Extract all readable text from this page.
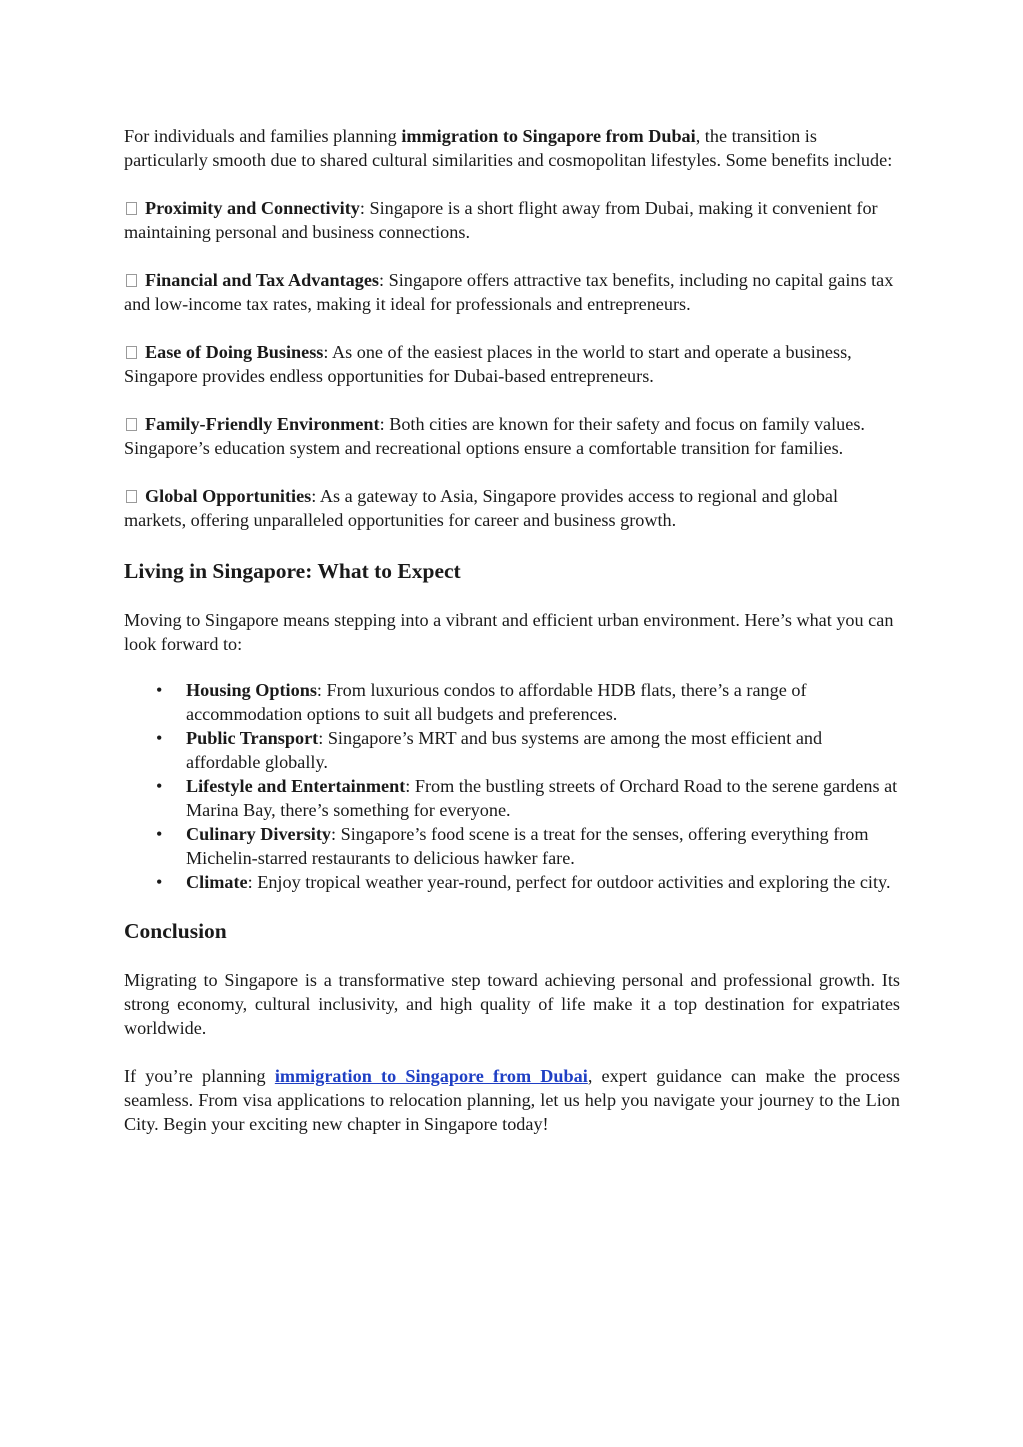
For individuals and families planning immigration to Singapore from Dubai, the transition is particularly smooth due to shared cultural similarities and cosmopolitan lifestyles. Some benefits include:

Proximity and Connectivity: Singapore is a short flight away from Dubai, making it convenient for maintaining personal and business connections.

Financial and Tax Advantages: Singapore offers attractive tax benefits, including no capital gains tax and low-income tax rates, making it ideal for professionals and entrepreneurs.

Ease of Doing Business: As one of the easiest places in the world to start and operate a business, Singapore provides endless opportunities for Dubai-based entrepreneurs.

Family-Friendly Environment: Both cities are known for their safety and focus on family values. Singapore’s education system and recreational options ensure a comfortable transition for families.

Global Opportunities: As a gateway to Asia, Singapore provides access to regional and global markets, offering unparalleled opportunities for career and business growth.

Living in Singapore: What to Expect

Moving to Singapore means stepping into a vibrant and efficient urban environment. Here’s what you can look forward to:

• Housing Options: From luxurious condos to affordable HDB flats, there’s a range of accommodation options to suit all budgets and preferences.
• Public Transport: Singapore’s MRT and bus systems are among the most efficient and affordable globally.
• Lifestyle and Entertainment: From the bustling streets of Orchard Road to the serene gardens at Marina Bay, there’s something for everyone.
• Culinary Diversity: Singapore’s food scene is a treat for the senses, offering everything from Michelin-starred restaurants to delicious hawker fare.
• Climate: Enjoy tropical weather year-round, perfect for outdoor activities and exploring the city.
Conclusion

Migrating to Singapore is a transformative step toward achieving personal and professional growth. Its strong economy, cultural inclusivity, and high quality of life make it a top destination for expatriates worldwide.

If you’re planning immigration to Singapore from Dubai, expert guidance can make the process seamless. From visa applications to relocation planning, let us help you navigate your journey to the Lion City. Begin your exciting new chapter in Singapore today!
